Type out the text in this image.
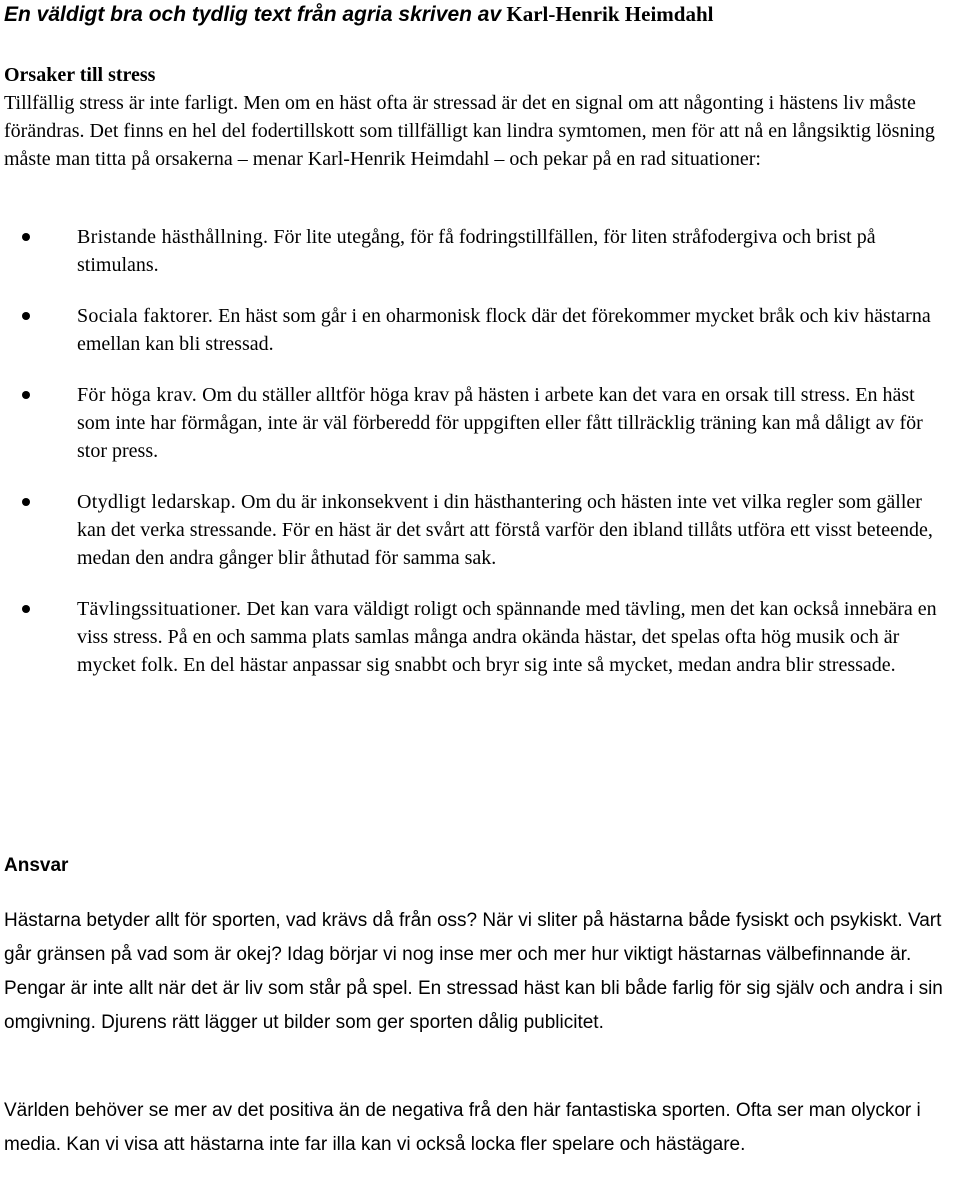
En väldigt bra och tydlig text från agria skriven av Karl-Henrik Heimdahl

Orsaker till stress

Tillfällig stress är inte farligt. Men om en häst ofta är stressad är det en signal om att någonting i hästens liv måste förändras. Det finns en hel del fodertillskott som tillfälligt kan lindra symtomen, men för att nå en långsiktig lösning måste man titta på orsakerna – menar Karl-Henrik Heimdahl – och pekar på en rad situationer:

Bristande hästhållning. För lite utegång, för få fodringstillfällen, för liten stråfodergiva och brist på stimulans.
Sociala faktorer. En häst som går i en oharmonisk flock där det förekommer mycket bråk och kiv hästarna emellan kan bli stressad.
För höga krav. Om du ställer alltför höga krav på hästen i arbete kan det vara en orsak till stress. En häst som inte har förmågan, inte är väl förberedd för uppgiften eller fått tillräcklig träning kan må dåligt av för stor press.
Otydligt ledarskap. Om du är inkonsekvent i din hästhantering och hästen inte vet vilka regler som gäller kan det verka stressande. För en häst är det svårt att förstå varför den ibland tillåts utföra ett visst beteende, medan den andra gånger blir åthutad för samma sak.
Tävlingssituationer. Det kan vara väldigt roligt och spännande med tävling, men det kan också innebära en viss stress. På en och samma plats samlas många andra okända hästar, det spelas ofta hög musik och är mycket folk. En del hästar anpassar sig snabbt och bryr sig inte så mycket, medan andra blir stressade.

Ansvar

Hästarna betyder allt för sporten, vad krävs då från oss? När vi sliter på hästarna både fysiskt och psykiskt. Vart går gränsen på vad som är okej? Idag börjar vi nog inse mer och mer hur viktigt hästarnas välbefinnande är. Pengar är inte allt när det är liv som står på spel. En stressad häst kan bli både farlig för sig själv och andra i sin omgivning. Djurens rätt lägger ut bilder som ger sporten dålig publicitet.

Världen behöver se mer av det positiva än de negativa frå den här fantastiska sporten. Ofta ser man olyckor i media. Kan vi visa att hästarna inte far illa kan vi också locka fler spelare och hästägare.
